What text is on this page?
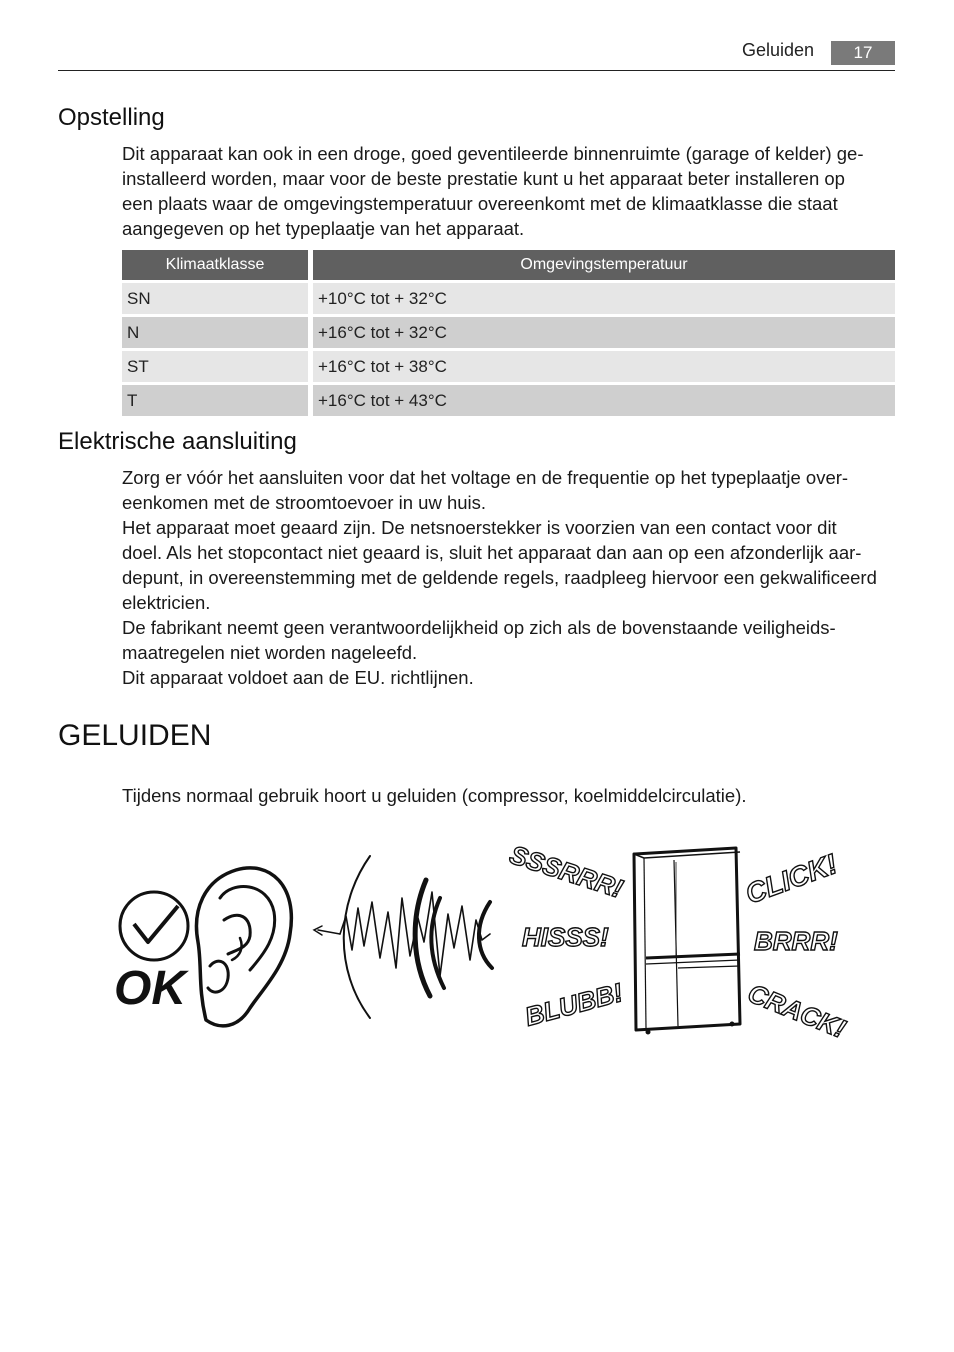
Geluiden	17
Opstelling
Dit apparaat kan ook in een droge, goed geventileerde binnenruimte (garage of kelder) ge-
installeerd worden, maar voor de beste prestatie kunt u het apparaat beter installeren op
een plaats waar de omgevingstemperatuur overeenkomt met de klimaatklasse die staat
aangegeven op het typeplaatje van het apparaat.
Klimaatklasse	Omgevingstemperatuur
SN	+10°C tot + 32°C
N	+16°C tot + 32°C
ST	+16°C tot + 38°C
T	+16°C tot + 43°C
Elektrische aansluiting
Zorg er vóór het aansluiten voor dat het voltage en de frequentie op het typeplaatje over-
eenkomen met de stroomtoevoer in uw huis.
Het apparaat moet geaard zijn. De netsnoerstekker is voorzien van een contact voor dit
doel. Als het stopcontact niet geaard is, sluit het apparaat dan aan op een afzonderlijk aar-
depunt, in overeenstemming met de geldende regels, raadpleeg hiervoor een gekwalificeerd
elektricien.
De fabrikant neemt geen verantwoordelijkheid op zich als de bovenstaande veiligheids-
maatregelen niet worden nageleefd.
Dit apparaat voldoet aan de EU. richtlijnen.
GELUIDEN
Tijdens normaal gebruik hoort u geluiden (compressor, koelmiddelcirculatie).
OK
SSSRRR!
HISSS!
BLUBB!
CLICK!
BRRR!
CRACK!
